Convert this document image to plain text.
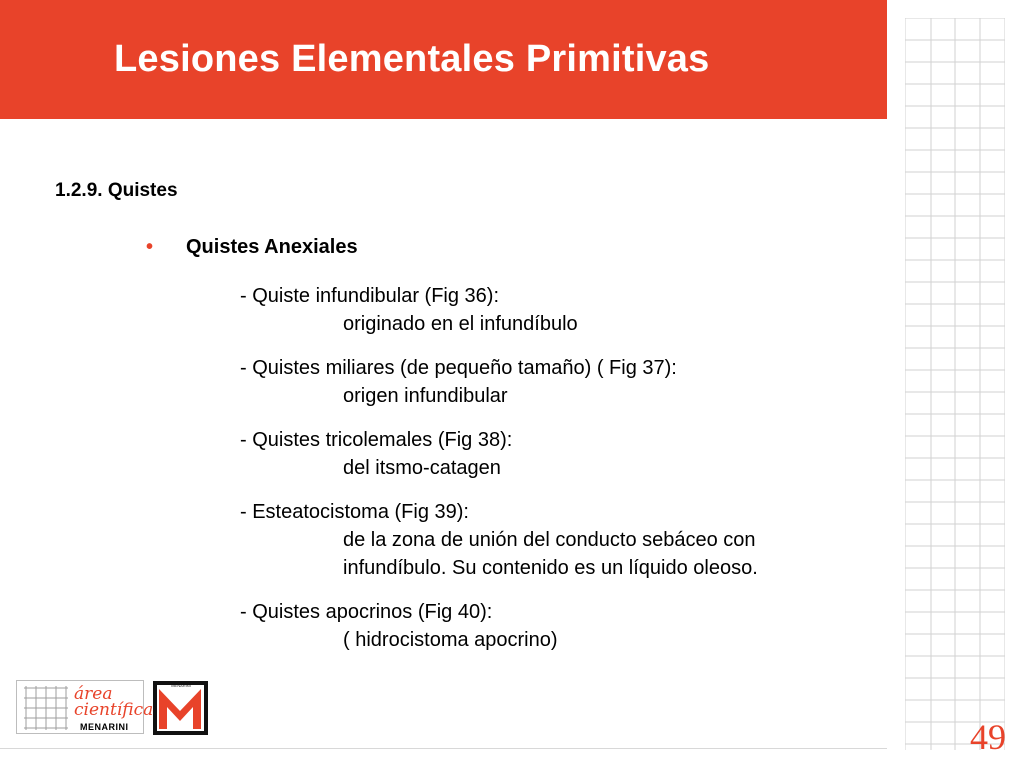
Lesiones Elementales Primitivas
1.2.9. Quistes
• Quistes Anexiales
- Quiste infundibular (Fig 36):
originado en el infundíbulo
- Quistes miliares (de pequeño tamaño) ( Fig 37):
origen infundibular
- Quistes tricolemales (Fig 38):
del itsmo-catagen
- Esteatocistoma (Fig 39):
de la zona de unión del conducto sebáceo con
infundíbulo. Su contenido es un líquido oleoso.
- Quistes apocrinos (Fig 40):
( hidrocistoma apocrino)
área
científica
MENARINI
MENARINI
49
